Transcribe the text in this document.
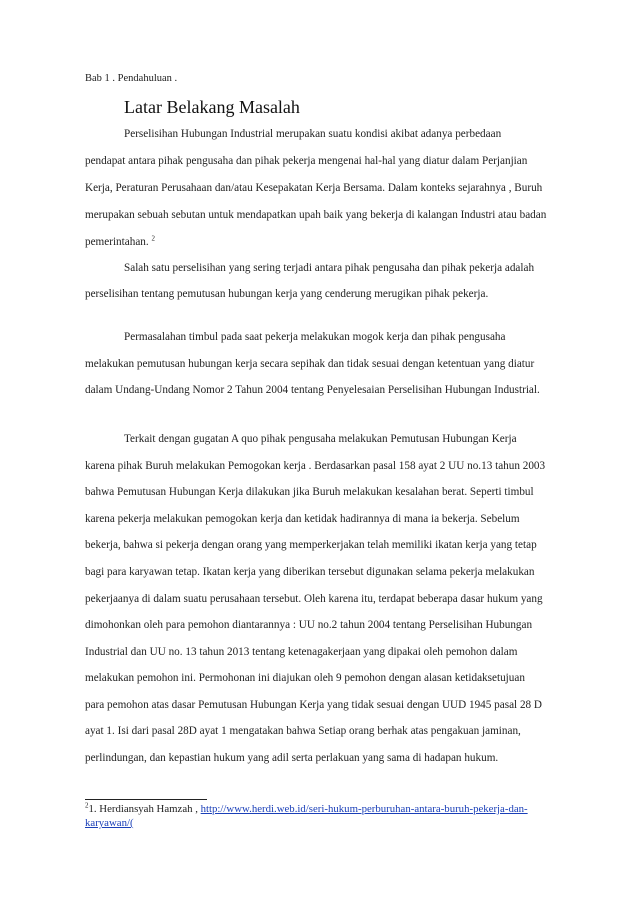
Bab 1 . Pendahuluan .
Latar Belakang Masalah
Perselisihan Hubungan Industrial merupakan suatu kondisi akibat adanya perbedaan
pendapat antara pihak pengusaha dan pihak pekerja mengenai hal-hal yang diatur dalam Perjanjian
Kerja, Peraturan Perusahaan dan/atau Kesepakatan Kerja Bersama. Dalam konteks sejarahnya , Buruh
merupakan sebuah sebutan untuk mendapatkan upah baik yang bekerja di kalangan Industri atau badan
pemerintahan. $^2$
Salah satu perselisihan yang sering terjadi antara pihak pengusaha dan pihak pekerja adalah
perselisihan tentang pemutusan hubungan kerja yang cenderung merugikan pihak pekerja.
Permasalahan timbul pada saat pekerja melakukan mogok kerja dan pihak pengusaha
melakukan pemutusan hubungan kerja secara sepihak dan tidak sesuai dengan ketentuan yang diatur
dalam Undang-Undang Nomor 2 Tahun 2004 tentang Penyelesaian Perselisihan Hubungan Industrial.
Terkait dengan gugatan A quo pihak pengusaha melakukan Pemutusan Hubungan Kerja
karena pihak Buruh melakukan Pemogokan kerja . Berdasarkan pasal 158 ayat 2 UU no.13 tahun 2003
bahwa Pemutusan Hubungan Kerja dilakukan jika Buruh melakukan kesalahan berat. Seperti timbul
karena pekerja melakukan pemogokan kerja dan ketidak hadirannya di mana ia bekerja. Sebelum
bekerja, bahwa si pekerja dengan orang yang memperkerjakan telah memiliki ikatan kerja yang tetap
bagi para karyawan tetap. Ikatan kerja yang diberikan tersebut digunakan selama pekerja melakukan
pekerjaanya di dalam suatu perusahaan tersebut. Oleh karena itu, terdapat beberapa dasar hukum yang
dimohonkan oleh para pemohon diantarannya : UU no.2 tahun 2004 tentang Perselisihan Hubungan
Industrial dan UU no. 13 tahun 2013 tentang ketenagakerjaan yang dipakai oleh pemohon dalam
melakukan pemohon ini. Permohonan ini diajukan oleh 9 pemohon dengan alasan ketidaksetujuan
para pemohon atas dasar Pemutusan Hubungan Kerja yang tidak sesuai dengan UUD 1945 pasal 28 D
ayat 1. Isi dari pasal 28D ayat 1 mengatakan bahwa Setiap orang berhak atas pengakuan jaminan,
perlindungan, dan kepastian hukum yang adil serta perlakuan yang sama di hadapan hukum.
$^2$1. Herdiansyah Hamzah , http://www.herdi.web.id/seri-hukum-perburuhan-antara-buruh-pekerja-dan-
karyawan/(
